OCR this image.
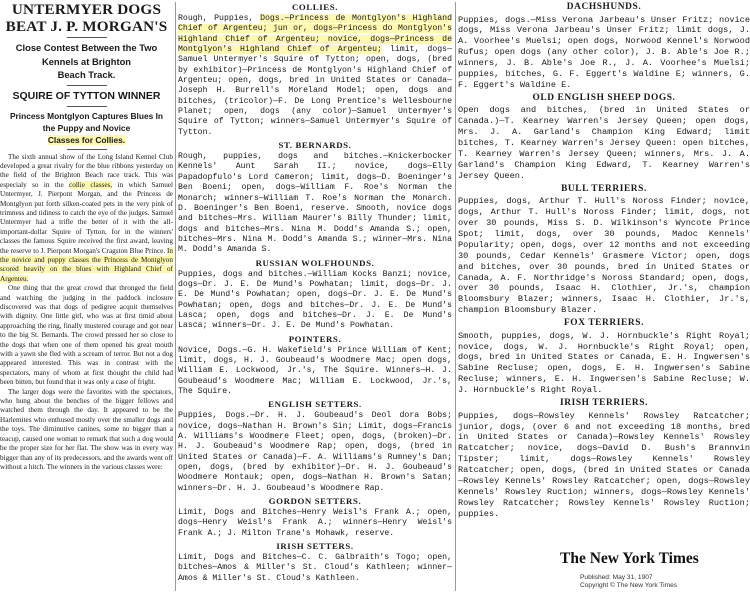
UNTERMYER DOGS
BEAT J. P. MORGAN'S

Close Contest Between the Two

Kennels at Brighton

Beach Track.

SQUIRE OF TYTTON WINNER

Princess Montglyon Captures Blues In

the Puppy and Novice

Classes for Collies.

The sixth annual show of the Long Island Kennel Club developed a great rivalry for the blue ribbons yesterday on the field of the Brighton Beach race track. This was especialy so in the collie classes, in which Samuel Untermyer, J. Pierpont Morgan, and the Princess de Montglyon put forth silken-coated pets in the very pink of trimness and tidiness to catch the eye of the judges. Samuel Untermyer had a trifle the better of it with the all-important-dollar Squire of Tytton, for in the winners' classes the famous Squire received the first award, leaving the reserve to J. Pierpont Morgan's Cragston Blue Prince. In the novice and puppy classes the Princess de Montglyon scored heavily on the blues with Highland Chief of Argenteu.

One thing that the great crowd that thronged the field and watching the judging in the paddock inclosure discovered was that dogs of pedigree acquit themselves with dignity. One little girl, who was at first timid about approaching the ring, finally mustered courage and got near to the big St. Bernards. The crowd pressed her so close to the dogs that when one of them opened his great mouth with a yawn she fled with a scream of terror. But not a dog appeared interested. This was in contrast with the spectators, many of whom at first thought the child had been bitten, but found that it was only a case of fright.

The larger dogs were the favorites with the spectators, who hung about the benches of the bigger fellows and watched them through the day. It appeared to be the Harlemites who enthused mostly over the smaller dogs and the toys. The diminutive canines, some no bigger than a teacup, caused one woman to remark that such a dog would be the proper size for her flat. The show was in every way bigger than any of its predecessors, and the awards went off without a hitch. The winners in the various classes were:

COLLIES.

Rough, Puppies, Dogs.—Princess de Montglyon's Highland Chief of Argenteu; jun or, dogs—Princess do Montglyon's Highland Chief of Argenteu; novice, dogs—Princess de Montglyon's Highland Chief of Argenteu; limit, dogs—Samuel Untermyer's Squire of Tytton; open, dogs, (bred by exhibitor)—Princess de Montglyon's Highland Chief of Argenteu; open, dogs, bred in United States or Canada—Joseph H. Burrell's Moreland Model; open, dogs and bitches, (tricolor)—F. De Long Prentice's Wellesbourne Planet; open, dogs (any color)—Samuel Untermyer's Squire of Tytton; winners—Samuel Untermyer's Squire of Tytton.

ST. BERNARDS.

Rough, puppies, dogs and bitches.—Knickerbocker Kennels' Aunt Sarah II.; novice, dogs—Elly Papadopfulo's Lord Cameron; limit, dogs—D. Boeninger's Ben Boeni; open, dogs—William F. Roe's Norman the Monarch; winners—William T. Roe's Norman the Monarch. D. Boeninger's Ben Boeni, reserve. Smooth, novice dogs and bitches—Mrs. William Maurer's Billy Thunder; limit, dogs and bitches—Mrs. Nina M. Dodd's Amanda S.; open, bitches—Mrs. Nina M. Dodd's Amanda S.; winner—Mrs. Nina M. Dodd's Amanda S.

RUSSIAN WOLFHOUNDS.

Puppies, dogs and bitches.—William Kocks Banzi; novice, dogs—Dr. J. E. De Mund's Powhatan; limit, dogs—Dr. J. E. De Mund's Powhatan; open, dogs—Dr. J. E. De Mund's Powhatan; open, dogs and bitches—Dr. J. E. De Mund's Lasca; open, dogs and bitches—Dr. J. E. De Mund's Lasca; winners—Dr. J. E. De Mund's Powhatan.

POINTERS.

Novice, Dogs.—G. H. Wakefield's Prince William of Kent; limit, dogs, H. J. Goubeaud's Woodmere Mac; open dogs, William E. Lockwood, Jr.'s, The Squire. Winners—H. J. Goubeaud's Woodmere Mac; William E. Lockwood, Jr.'s, The Squire.

ENGLISH SETTERS.

Puppies, Dogs.—Dr. H. J. Goubeaud's Deol dora Bobs; novice, dogs—Nathan H. Brown's Sin; Limit, dogs—Francis A. Williams's Woodmere Fleet; open, dogs, (broken)—Dr. H. J. Goubeaud's Woodmere Rap; open, dogs, (bred in United States or Canada)—F. A. Williams's Rumney's Dan; open, dogs, (bred by exhibitor)—Dr. H. J. Goubeaud's Woodmere Montauk; open, dogs—Nathan H. Brown's Satan; winners—Dr. H. J. Goubeaud's Woodmere Rap.

GORDON SETTERS.

Limit, Dogs and Bitches—Henry Weisl's Frank A.; open, dogs—Henry Weisl's Frank A.; winners—Henry Weisl's Frank A.; J. Milton Trane's Mohawk, reserve.

IRISH SETTERS.

Limit, Dogs and Bitches—C. C. Galbraith's Togo; open, bitches—Amos & Miller's St. Cloud's Kathleen; winner—Amos & Miller's St. Cloud's Kathleen.

DACHSHUNDS.

Puppies, dogs.—Miss Verona Jarbeau's Unser Fritz; novice dogs, Miss Verona Jarbeau's Unser Fritz; limit dogs, J. A. Voorhee's Muelsi; open dogs, Norwood Kennel's Norwood Rufus; open dogs (any other color), J. B. Able's Joe R.; winners, J. B. Able's Joe R., J. A. Voorhee's Muelsi; puppies, bitches, G. F. Eggert's Waldine E; winners, G. F. Eggert's Waldine E.

OLD ENGLISH SHEEP DOGS.

Open dogs and bitches, (bred in United States or Canada.)—T. Kearney Warren's Jersey Queen; open dogs, Mrs. J. A. Garland's Champion King Edward; limit bitches, T. Kearney Warren's Jersey Queen: open bitches, T. Kearney Warren's Jersey Queen; winners, Mrs. J. A. Garland's Champion King Edward, T. Kearney Warren's Jersey Queen.

BULL TERRIERS.

Puppies, dogs, Arthur T. Hull's Noross Finder; novice, dogs, Arthur T. Hull's Noross Finder; limit, dogs, not over 30 pounds, Miss S. D. Wilkinson's Wyncote Prince Spot; limit, dogs, over 30 pounds, Madoc Kennels' Popularity; open, dogs, over 12 months and not exceeding 30 pounds, Cedar Kennels' Grasmere Victor; open, dogs and bitches, over 30 pounds, bred in United States or Canada, A. F. Northridge's Noross Standard; open, dogs, over 30 pounds, Isaac H. Clothier, Jr.'s, champion Bloomsbury Blazer; winners, Isaac H. Clothier, Jr.'s, champion Bloomsbury Blazer.

FOX TERRIERS.

Smooth, puppies, dogs, W. J. Hornbuckle's Right Royal; novice, dogs, W. J. Hornbuckle's Right Royal; open, dogs, bred in United States or Canada, E. H. Ingwersen's Sabine Recluse; open, dogs, E. H. Ingwersen's Sabine Recluse; winners, E. H. Ingwersen's Sabine Recluse; W. J. Hornbuckle's Right Royal.

IRISH TERRIERS.

Puppies, dogs—Rowsley Kennels' Rowsley Ratcatcher; junior, dogs, (over 6 and not exceeding 18 months, bred in United States or Canada)—Rowsley Kennels' Rowsley Ratcatcher; novice, dogs—David D. Bush's Brannvin Tipster; limit, dogs—Rowsley Kennels' Rowsley Ratcatcher; open, dogs, (bred in United States or Canada—Rowsley Kennels' Rowsley Ratcatcher; open, dogs—Rowsley Kennels' Rowsley Ruction; winners, dogs—Rowsley Kennels' Rowsley Ratcatcher; Rowsley Kennels' Rowsley Ruction; puppies.

The New York Times
Published: May 31, 1907
Copyright © The New York Times
